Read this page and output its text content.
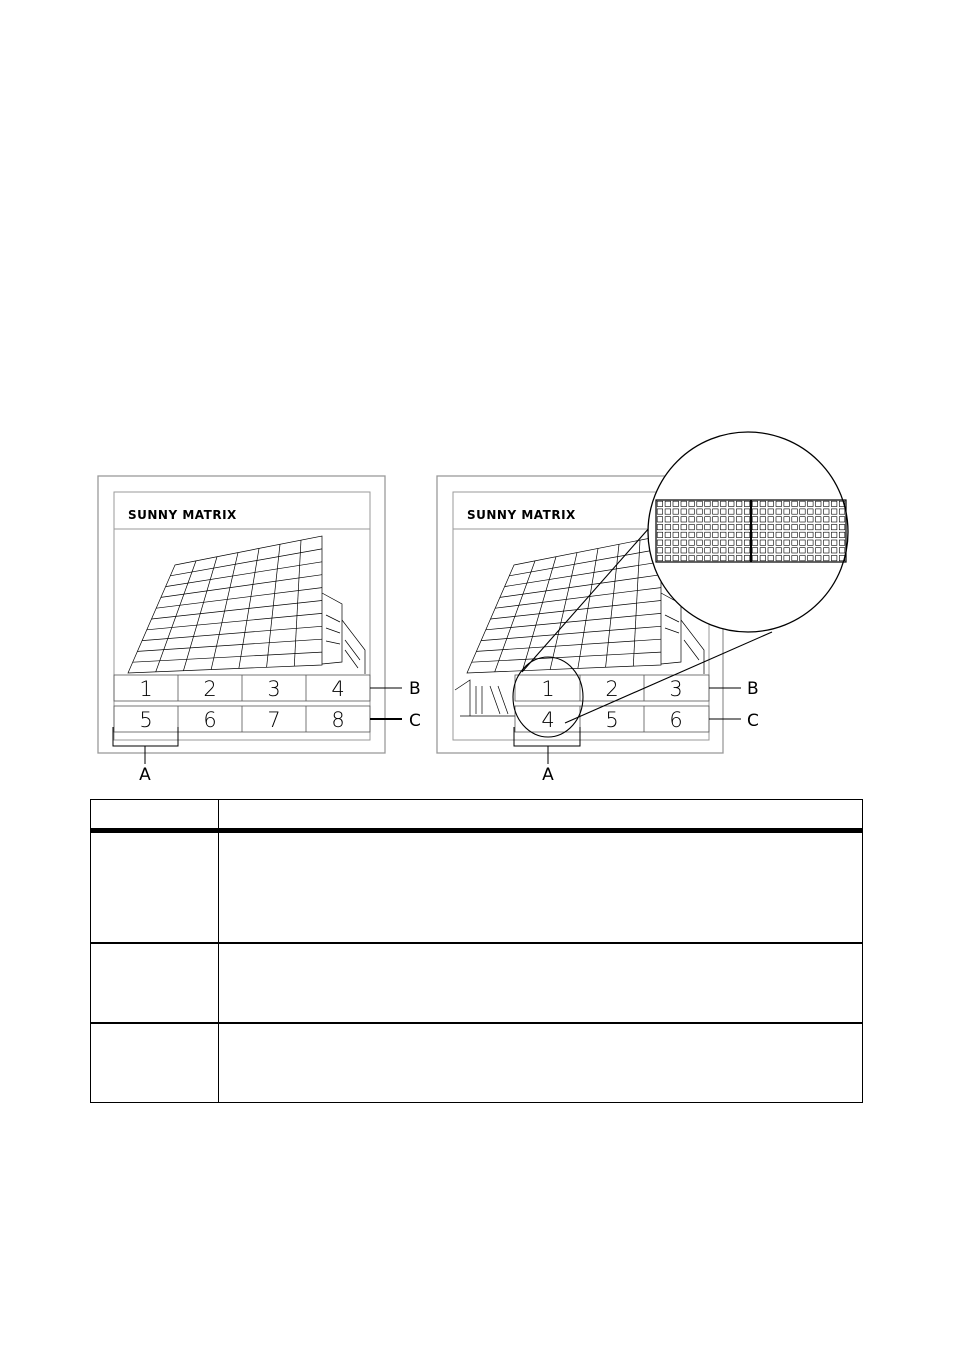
SUNNY MATRIX
1 2 3 4
5 6 7 8
B
C
A
SUNNY MATRIX
1 2 3
4 5 6
B
C
A
